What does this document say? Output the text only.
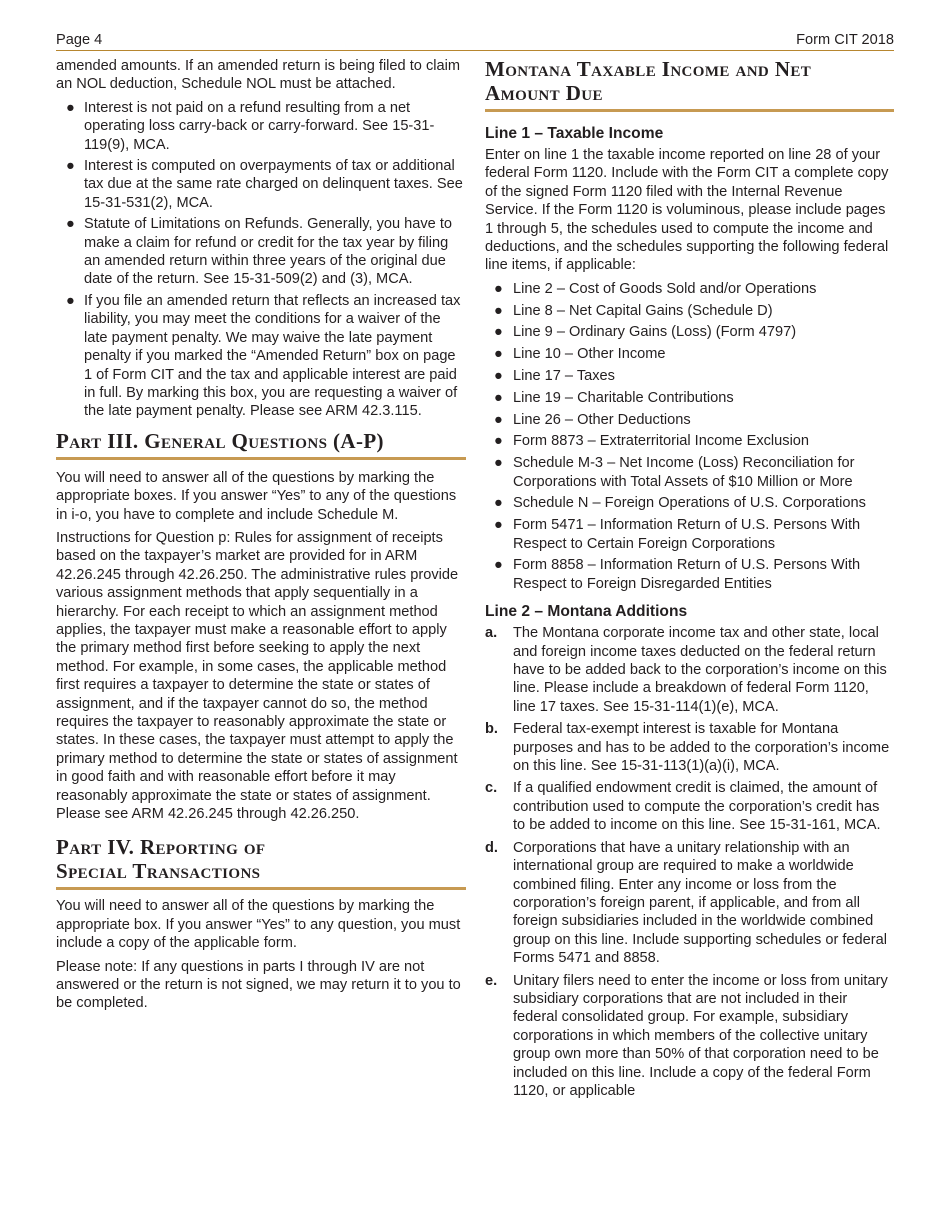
Page 4	Form CIT 2018

amended amounts. If an amended return is being filed to claim an NOL deduction, Schedule NOL must be attached.

● Interest is not paid on a refund resulting from a net operating loss carry-back or carry-forward. See 15-31-119(9), MCA.
● Interest is computed on overpayments of tax or additional tax due at the same rate charged on delinquent taxes. See 15-31-531(2), MCA.
● Statute of Limitations on Refunds. Generally, you have to make a claim for refund or credit for the tax year by filing an amended return within three years of the original due date of the return. See 15-31-509(2) and (3), MCA.
● If you file an amended return that reflects an increased tax liability, you may meet the conditions for a waiver of the late payment penalty. We may waive the late payment penalty if you marked the “Amended Return” box on page 1 of Form CIT and the tax and applicable interest are paid in full. By marking this box, you are requesting a waiver of the late payment penalty. Please see ARM 42.3.115.
Part III. General Questions (A-P)

You will need to answer all of the questions by marking the appropriate boxes. If you answer “Yes” to any of the questions in i-o, you have to complete and include Schedule M.

Instructions for Question p: Rules for assignment of receipts based on the taxpayer’s market are provided for in ARM 42.26.245 through 42.26.250. The administrative rules provide various assignment methods that apply sequentially in a hierarchy. For each receipt to which an assignment method applies, the taxpayer must make a reasonable effort to apply the primary method first before seeking to apply the next method. For example, in some cases, the applicable method first requires a taxpayer to determine the state or states of assignment, and if the taxpayer cannot do so, the method requires the taxpayer to reasonably approximate the state or states. In these cases, the taxpayer must attempt to apply the primary method to determine the state or states of assignment in good faith and with reasonable effort before it may reasonably approximate the state or states of assignment. Please see ARM 42.26.245 through 42.26.250.

Part IV. Reporting of
Special Transactions

You will need to answer all of the questions by marking the appropriate box. If you answer “Yes” to any question, you must include a copy of the applicable form.

Please note: If any questions in parts I through IV are not answered or the return is not signed, we may return it to you to be completed.

Montana Taxable Income and Net
Amount Due
Line 1 – Taxable Income

Enter on line 1 the taxable income reported on line 28 of your federal Form 1120. Include with the Form CIT a complete copy of the signed Form 1120 filed with the Internal Revenue Service. If the Form 1120 is voluminous, please include pages 1 through 5, the schedules used to compute the income and deductions, and the schedules supporting the following federal line items, if applicable:

● Line 2 – Cost of Goods Sold and/or Operations
● Line 8 – Net Capital Gains (Schedule D)
● Line 9 – Ordinary Gains (Loss) (Form 4797)
● Line 10 – Other Income
● Line 17 – Taxes
● Line 19 – Charitable Contributions
● Line 26 – Other Deductions
● Form 8873 – Extraterritorial Income Exclusion
● Schedule M-3 – Net Income (Loss) Reconciliation for Corporations with Total Assets of $10 Million or More
● Schedule N – Foreign Operations of U.S. Corporations
● Form 5471 – Information Return of U.S. Persons With Respect to Certain Foreign Corporations
● Form 8858 – Information Return of U.S. Persons With Respect to Foreign Disregarded Entities
Line 2 – Montana Additions
a. The Montana corporate income tax and other state, local and foreign income taxes deducted on the federal return have to be added back to the corporation’s income on this line. Please include a breakdown of federal Form 1120, line 17 taxes. See 15-31-114(1)(e), MCA.
b. Federal tax-exempt interest is taxable for Montana purposes and has to be added to the corporation’s income on this line. See 15-31-113(1)(a)(i), MCA.
c. If a qualified endowment credit is claimed, the amount of contribution used to compute the corporation’s credit has to be added to income on this line. See 15-31-161, MCA.
d. Corporations that have a unitary relationship with an international group are required to make a worldwide combined filing. Enter any income or loss from the corporation’s foreign parent, if applicable, and from all foreign subsidiaries included in the worldwide combined group on this line. Include supporting schedules or federal Forms 5471 and 8858.
e. Unitary filers need to enter the income or loss from unitary subsidiary corporations that are not included in their federal consolidated group. For example, subsidiary corporations in which members of the collective unitary group own more than 50% of that corporation need to be included on this line. Include a copy of the federal Form 1120, or applicable
